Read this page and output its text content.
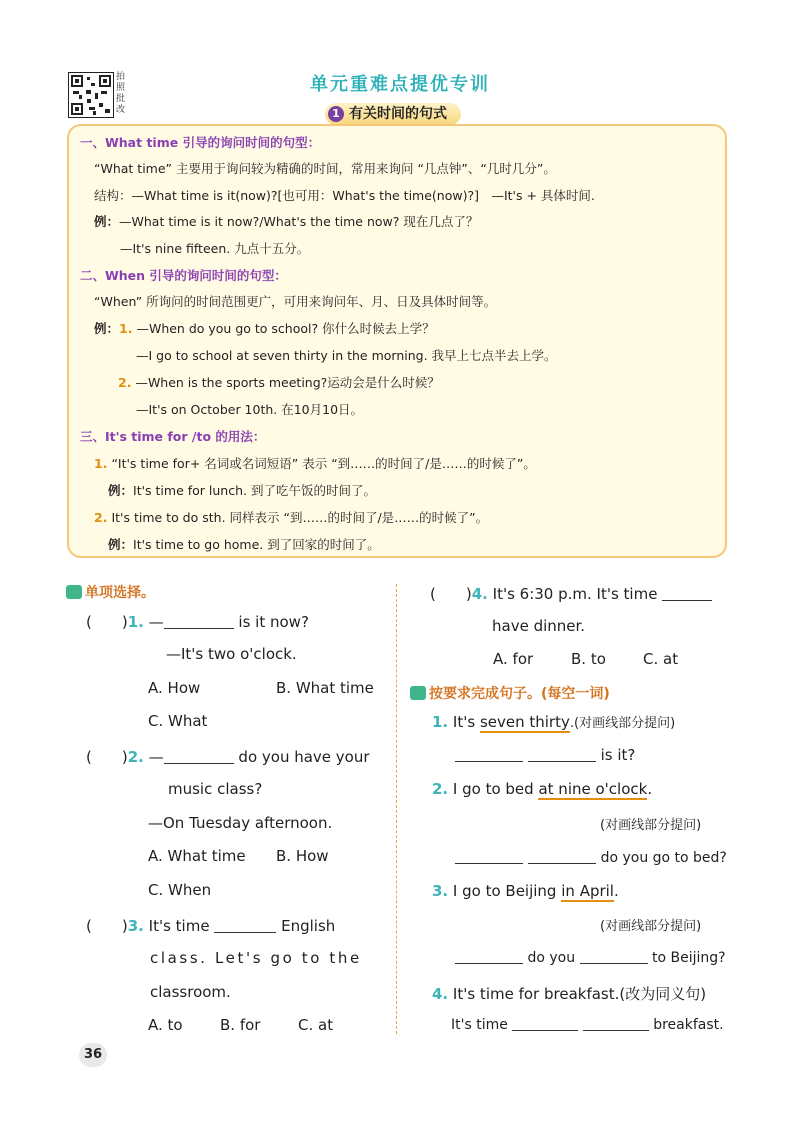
拍照批改
单元重难点提优专训
有关时间的句式
1
一、What time 引导的询问时间的句型：
“What time” 主要用于询问较为精确的时间，常用来询问 “几点钟”、“几时几分”。
结构：—What time is it(now)?[也可用：What's the time(now)?]　—It's + 具体时间.
例：—What time is it now?/What's the time now? 现在几点了？
—It's nine fifteen. 九点十五分。
二、When 引导的询问时间的句型：
“When” 所询问的时间范围更广，可用来询问年、月、日及具体时间等。
例：1. —When do you go to school? 你什么时候去上学？
—I go to school at seven thirty in the morning. 我早上七点半去上学。
2. —When is the sports meeting?运动会是什么时候？
—It's on October 10th. 在10月10日。
三、It's time for /to 的用法：
1. “It's time for+ 名词或名词短语” 表示 “到……的时间了/是……的时候了”。
例：It's time for lunch. 到了吃午饭的时间了。
2. It's time to do sth. 同样表示 “到……的时间了/是……的时候了”。
例：It's time to go home. 到了回家的时间了。
单项选择。
(　　)1. —	is it now?
—It's two o'clock.
A. How	B. What time
C. What
(　　)2. —	do you have your
music class?
—On Tuesday afternoon.
A. What time B. How
C. When
(　　)3. It's time	English
class. Let's go to the
classroom.
A. to B. for	C. at
(　　)4. It's 6:30 p.m. It's time
have dinner.
A. for	B. to C. at
按要求完成句子。(每空一词)
1. It's seven thirty.(对画线部分提问)
is it?
2. I go to bed at nine o'clock.
(对画线部分提问)
do you go to bed?
3. I go to Beijing in April.
(对画线部分提问)
do you	to Beijing?
4. It's time for breakfast.(改为同义句)
It's time	breakfast.
36
